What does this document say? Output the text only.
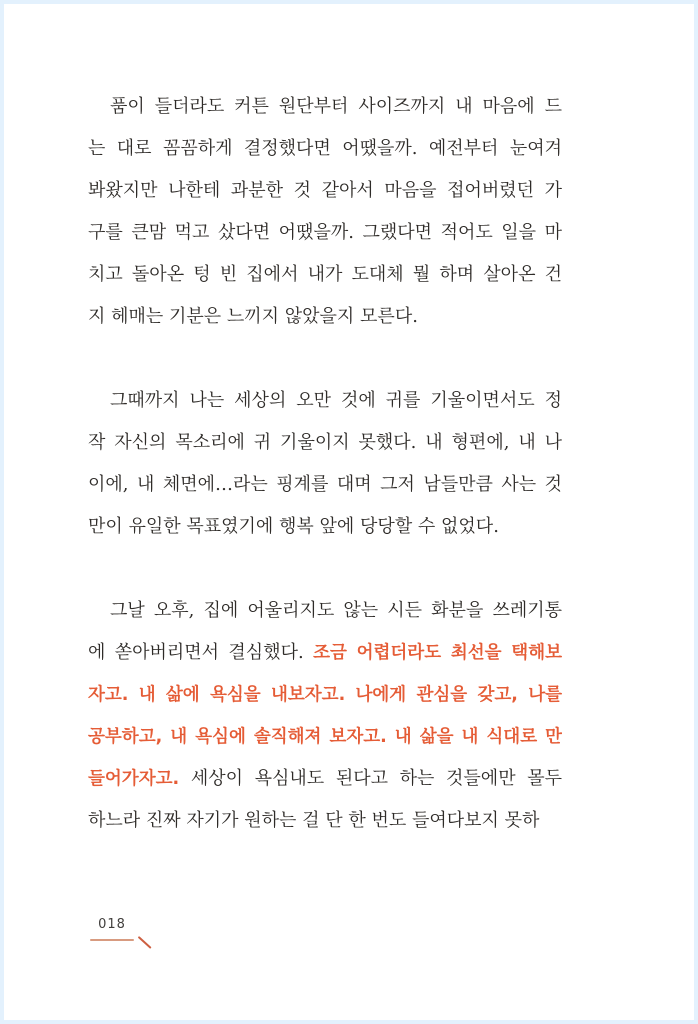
품이 들더라도 커튼 원단부터 사이즈까지 내 마음에 드
는 대로 꼼꼼하게 결정했다면 어땠을까. 예전부터 눈여겨
봐왔지만 나한테 과분한 것 같아서 마음을 접어버렸던 가
구를 큰맘 먹고 샀다면 어땠을까. 그랬다면 적어도 일을 마
치고 돌아온 텅 빈 집에서 내가 도대체 뭘 하며 살아온 건
지 헤매는 기분은 느끼지 않았을지 모른다.
그때까지 나는 세상의 오만 것에 귀를 기울이면서도 정
작 자신의 목소리에 귀 기울이지 못했다. 내 형편에, 내 나
이에, 내 체면에…라는 핑계를 대며 그저 남들만큼 사는 것
만이 유일한 목표였기에 행복 앞에 당당할 수 없었다.
그날 오후, 집에 어울리지도 않는 시든 화분을 쓰레기통
에 쏟아버리면서 결심했다. 조금 어렵더라도 최선을 택해보
자고. 내 삶에 욕심을 내보자고. 나에게 관심을 갖고, 나를
공부하고, 내 욕심에 솔직해져 보자고. 내 삶을 내 식대로 만
들어가자고. 세상이 욕심내도 된다고 하는 것들에만 몰두
하느라 진짜 자기가 원하는 걸 단 한 번도 들여다보지 못하
018
